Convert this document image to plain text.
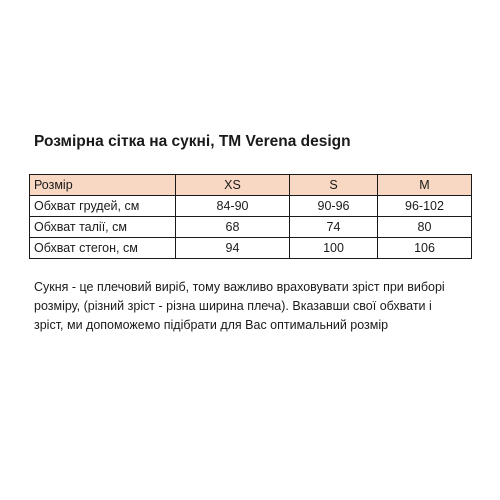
Розмірна сітка на сукні, ТМ Verena design
Розмір	XS	S	M
Обхват грудей, см	84-90	90-96	96-102
Обхват талії, см	68	74	80
Обхват стегон, см	94	100	106
Сукня - це плечовий виріб, тому важливо враховувати зріст при виборі розміру, (різний зріст - різна ширина плеча). Вказавши свої обхвати і зріст, ми допоможемо підібрати для Вас оптимальний розмір
